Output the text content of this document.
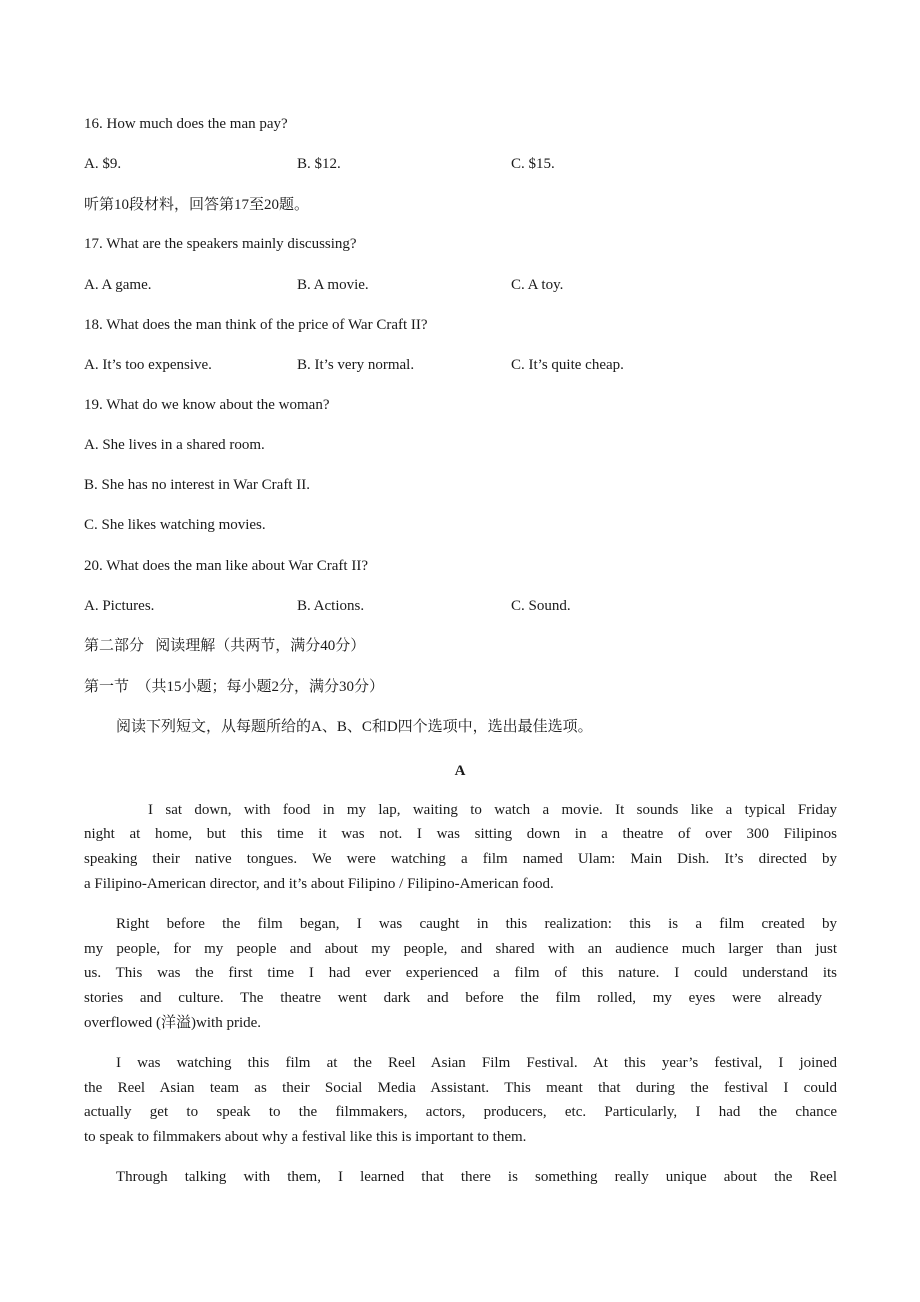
16. How much does the man pay?
A. $9.	B. $12.	C. $15.
听第10段材料，回答第17至20题。
17. What are the speakers mainly discussing?
A. A game.	B. A movie.	C. A toy.
18. What does the man think of the price of War Craft II?
A. It’s too expensive.	B. It’s very normal.	C. It’s quite cheap.
19. What do we know about the woman?
A. She lives in a shared room.
B. She has no interest in War Craft II.
C. She likes watching movies.
20. What does the man like about War Craft II?
A. Pictures.	B. Actions.	C. Sound.
第二部分   阅读理解（共两节，满分40分）
第一节  （共15小题；每小题2分，满分30分）
阅读下列短文，从每题所给的A、B、C和D四个选项中，选出最佳选项。
A
I sat down, with food in my lap, waiting to watch a movie. It sounds like a typical Friday
night at home, but this time it was not. I was sitting down in a theatre of over 300 Filipinos
speaking their native tongues. We were watching a film named Ulam: Main Dish. It’s directed by
a Filipino-American director, and it’s about Filipino / Filipino-American food.
Right before the film began, I was caught in this realization: this is a film created by
my people, for my people and about my people, and shared with an audience much larger than just
us. This was the first time I had ever experienced a film of this nature. I could understand its
stories and culture. The theatre went dark and before the film rolled, my eyes were already
overflowed (洋溢)with pride.
I was watching this film at the Reel Asian Film Festival. At this year’s festival, I joined
the Reel Asian team as their Social Media Assistant. This meant that during the festival I could
actually get to speak to the filmmakers, actors, producers, etc. Particularly, I had the chance
to speak to filmmakers about why a festival like this is important to them.
Through talking with them, I learned that there is something really unique about the Reel
